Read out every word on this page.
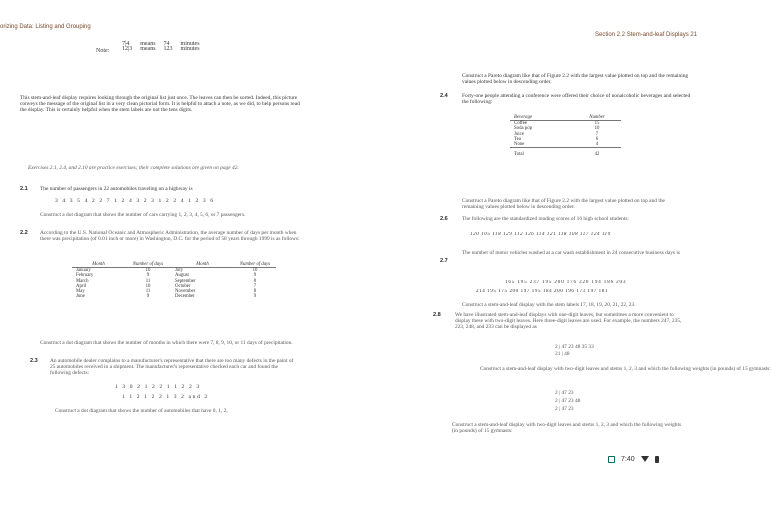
orizing Data: Listing and Grouping
Section 2.2 Stem-and-leaf Displays 21
Note:
7|4	means	74	minutes
12|3	means	123	minutes
This stem-and-leaf display requires looking through the original list just once. The leaves can then be sorted. Indeed, this picture conveys the message of the original list in a very clean pictorial form. It is helpful to attach a note, as we did, to help persons read the display. This is certainly helpful when the stem labels are not the tens digits.
Exercises 2.1, 2.4, and 2.10 are practice exercises; their complete solutions are given on page 42.
2.1 The number of passengers in 22 automobiles traveling on a highway is
3 4 3 5 4 2 2 7 1 2 4 3 2 3 1 2 2 4 1 2 3 6
Construct a dot diagram that shows the number of cars carrying 1, 2, 3, 4, 5, 6, or 7 passengers.
2.2 According to the U.S. National Oceanic and Atmospheric Administration, the average number of days per month when there was precipitation (of 0.01 inch or more) in Washington, D.C. for the period of 58 years through 1999 is as follows:
Month	Number of days	Month	Number of days
January	10	July	10
February	9	August	9
March	11	September	8
April	10	October	7
May	11	November	8
June	9	December	9
Construct a dot diagram that shows the number of months in which there were 7, 8, 9, 10, or 11 days of precipitation.
2.3 An automobile dealer complains to a manufacturer's representative that there are too many defects in the paint of 25 automobiles received in a shipment. The manufacturer's representative checked each car and found the following defects:
1 3 0 2 1 2 2 1 1 2 2 3
1 1 2 1 2 2 1 3 2 and 2
Construct a dot diagram that shows the number of automobiles that have 0, 1, 2,
Construct a Pareto diagram like that of Figure 2.2 with the largest value plotted on top and the remaining values plotted below in descending order.
2.4	Forty-one people attending a conference were offered their choice of nonalcoholic beverages and selected the following:
Beverage	Number
Coffee	15
Soda pop	10
Juice	7
Tea	6
None	4
Total	42
Construct a Pareto diagram like that of Figure 2.2 with the largest value plotted on top and the remaining values plotted below in descending order.
2.6	The following are the standardized reading scores of 16 high school students:
120 105 118 129 112 126 114 121 118 108 117 124 119
2.7
The number of motor vehicles washed at a car wash establishment in 24 consecutive business days is
165 195 237 195 200 176 220 194 186 203
214 195 175 200 197 195 184 200 196 173 197 181
Construct a stem-and-leaf display with the stem labels 17, 18, 19, 20, 21, 22, 23.
2.8	We have illustrated stem-and-leaf displays with one-digit leaves, but sometimes a more convenient to display these with two-digit leaves. Here three-digit leaves are used. For example, the numbers 247, 235, 223, 248, and 233 can be displayed as
2 | 47 23 48 35 33
21 | 48
Construct a stem-and-leaf display with two-digit leaves and stems 1, 2, 3 and which the following weights (in pounds) of 15 gymnasts:
2 | 47 23
2 | 47 23 48
2 | 47 23
Construct a stem-and-leaf display with two-digit leaves and stems 1, 2, 3 and which the following weights (in pounds) of 15 gymnasts:
7:40
